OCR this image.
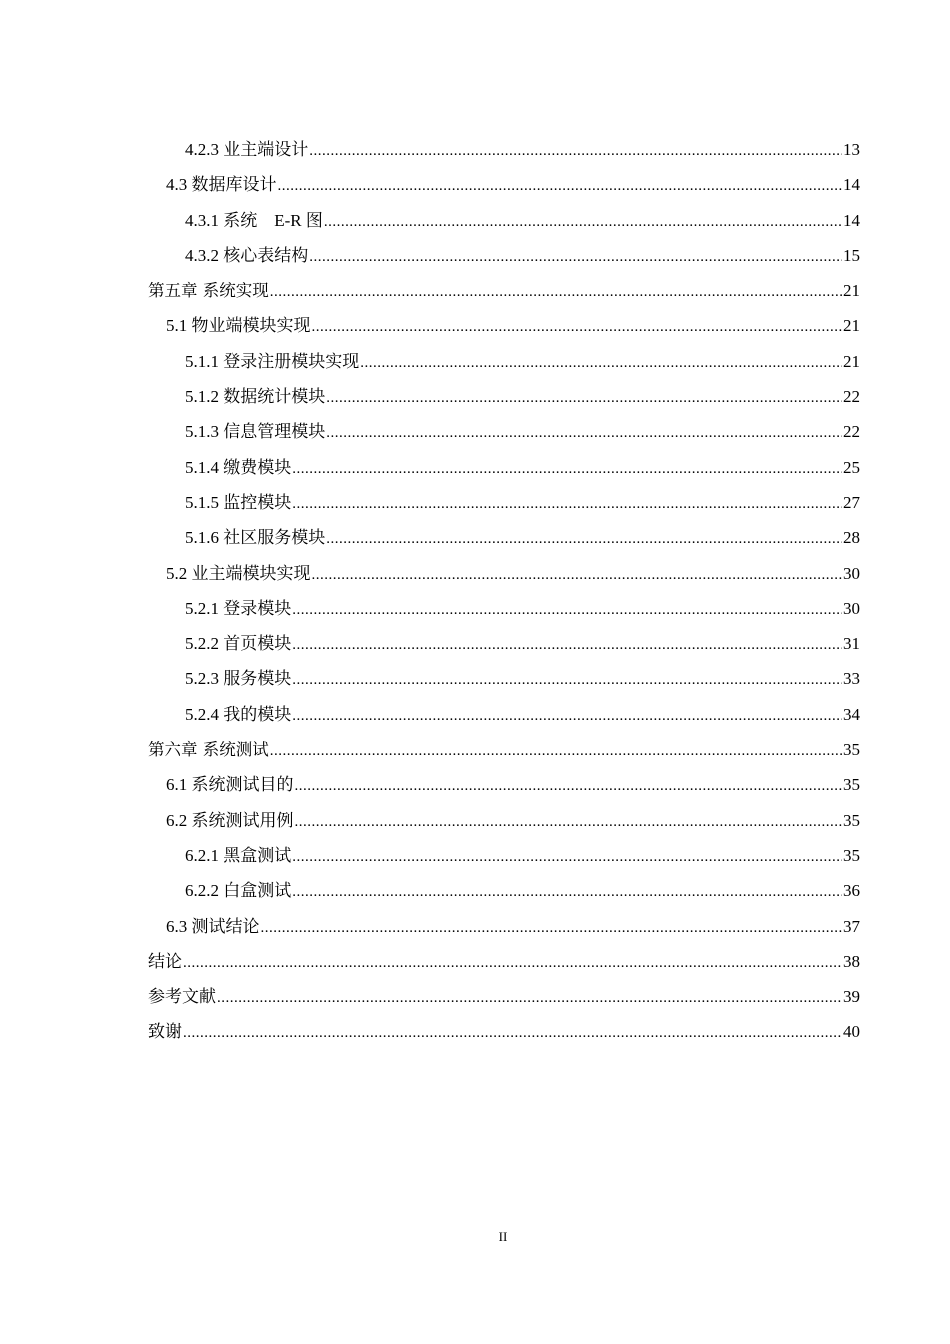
4.2.3 业主端设计 .....	13
4.3 数据库设计 .....	14
4.3.1 系统　E-R 图 .....	14
4.3.2 核心表结构 .....	15
第五章 系统实现 .....	21
5.1 物业端模块实现 .....	21
5.1.1 登录注册模块实现 .....	21
5.1.2 数据统计模块 .....	22
5.1.3 信息管理模块 .....	22
5.1.4 缴费模块 .....	25
5.1.5 监控模块 .....	27
5.1.6 社区服务模块 .....	28
5.2 业主端模块实现 .....	30
5.2.1 登录模块 .....	30
5.2.2 首页模块 .....	31
5.2.3 服务模块 .....	33
5.2.4 我的模块 .....	34
第六章 系统测试 .....	35
6.1 系统测试目的 .....	35
6.2 系统测试用例 .....	35
6.2.1 黑盒测试 .....	35
6.2.2 白盒测试 .....	36
6.3 测试结论 .....	37
结论 .....	38
参考文献 .....	39
致谢 .....	40
II
